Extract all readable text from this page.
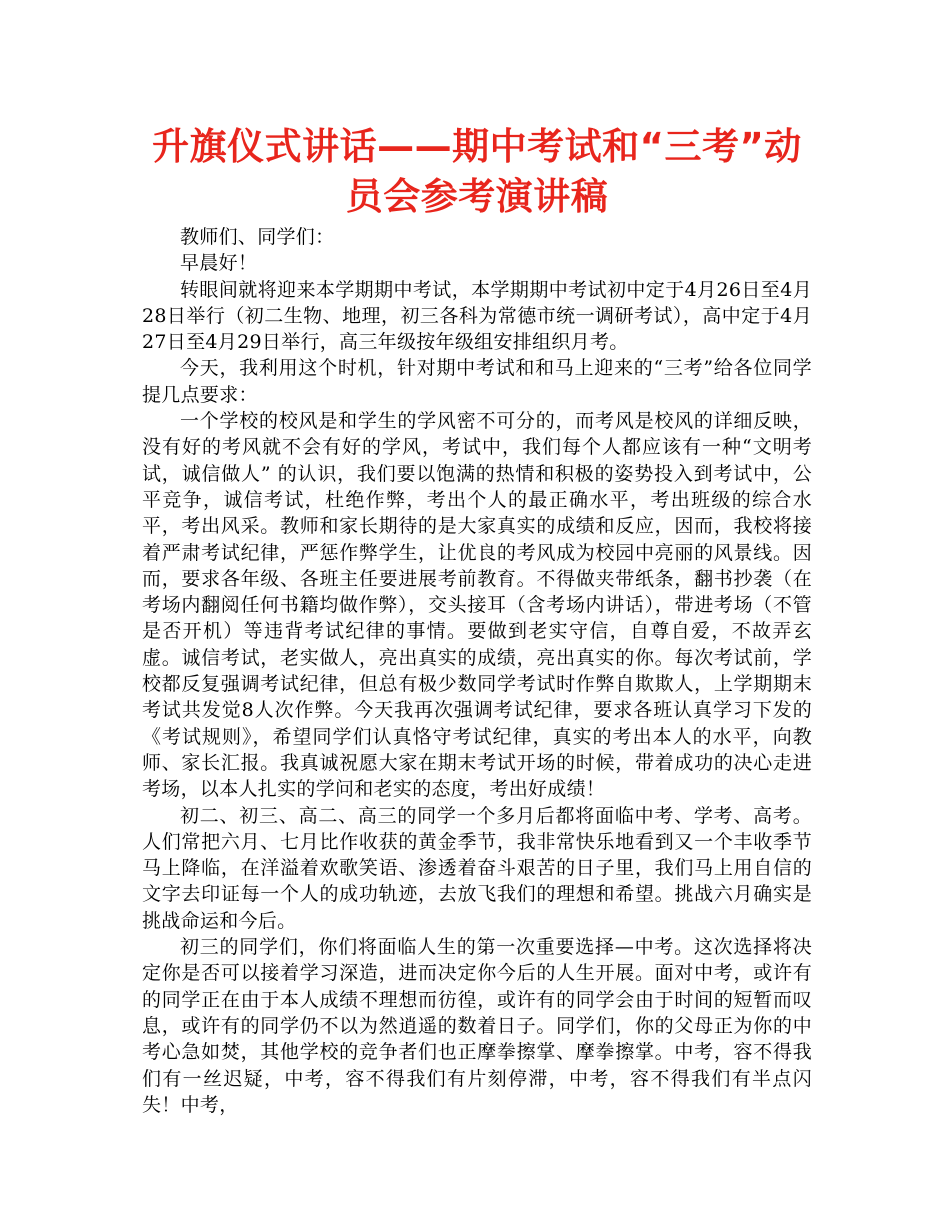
升旗仪式讲话——期中考试和“三考”动员会参考演讲稿

教师们、同学们：

早晨好！

转眼间就将迎来本学期期中考试，本学期期中考试初中定于4月26日至4月28日举行（初二生物、地理，初三各科为常德市统一调研考试），高中定于4月27日至4月29日举行，高三年级按年级组安排组织月考。

今天，我利用这个时机，针对期中考试和和马上迎来的“三考”给各位同学提几点要求：

一个学校的校风是和学生的学风密不可分的，而考风是校风的详细反映，没有好的考风就不会有好的学风，考试中，我们每个人都应该有一种“文明考试，诚信做人” 的认识，我们要以饱满的热情和积极的姿势投入到考试中，公平竞争，诚信考试，杜绝作弊，考出个人的最正确水平，考出班级的综合水平，考出风采。教师和家长期待的是大家真实的成绩和反应，因而，我校将接着严肃考试纪律，严惩作弊学生，让优良的考风成为校园中亮丽的风景线。因而，要求各年级、各班主任要进展考前教育。不得做夹带纸条，翻书抄袭（在考场内翻阅任何书籍均做作弊），交头接耳（含考场内讲话），带进考场（不管是否开机）等违背考试纪律的事情。要做到老实守信，自尊自爱，不故弄玄虚。诚信考试，老实做人，亮出真实的成绩，亮出真实的你。每次考试前，学校都反复强调考试纪律，但总有极少数同学考试时作弊自欺欺人，上学期期末考试共发觉8人次作弊。今天我再次强调考试纪律，要求各班认真学习下发的《考试规则》，希望同学们认真恪守考试纪律，真实的考出本人的水平，向教师、家长汇报。我真诚祝愿大家在期末考试开场的时候，带着成功的决心走进考场，以本人扎实的学问和老实的态度，考出好成绩！

初二、初三、高二、高三的同学一个多月后都将面临中考、学考、高考。人们常把六月、七月比作收获的黄金季节，我非常快乐地看到又一个丰收季节马上降临，在洋溢着欢歌笑语、渗透着奋斗艰苦的日子里，我们马上用自信的文字去印证每一个人的成功轨迹，去放飞我们的理想和希望。挑战六月确实是挑战命运和今后。

初三的同学们，你们将面临人生的第一次重要选择—中考。这次选择将决定你是否可以接着学习深造，进而决定你今后的人生开展。面对中考，或许有的同学正在由于本人成绩不理想而彷徨，或许有的同学会由于时间的短暂而叹息，或许有的同学仍不以为然逍遥的数着日子。同学们，你的父母正为你的中考心急如焚，其他学校的竞争者们也正摩拳擦掌、摩拳擦掌。中考，容不得我们有一丝迟疑，中考，容不得我们有片刻停滞，中考，容不得我们有半点闪失！中考，
